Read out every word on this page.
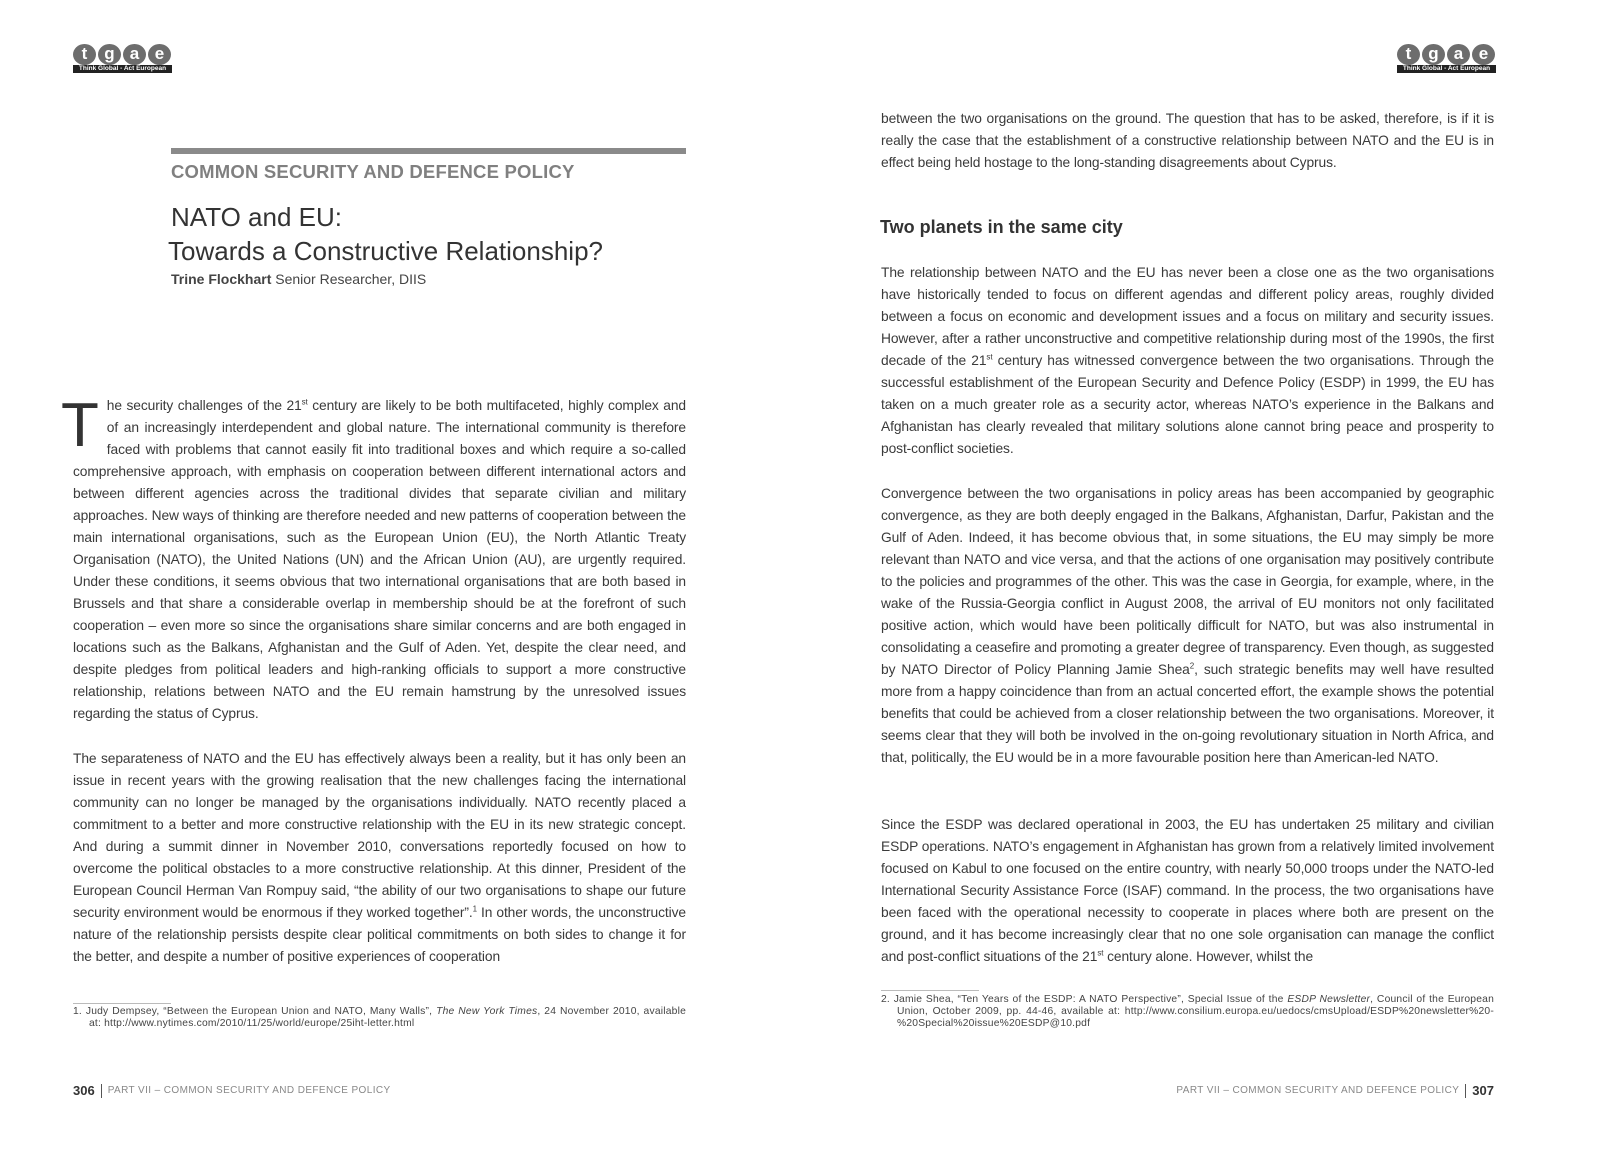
t g a e
Think Global - Act European
COMMON SECURITY AND DEFENCE POLICY
NATO and EU:
Towards a Constructive Relationship?
Trine Flockhart Senior Researcher, DIIS
The security challenges of the 21st century are likely to be both multifaceted, highly complex and of an increasingly interdependent and global nature. The international community is therefore faced with problems that cannot easily fit into traditional boxes and which require a so-called comprehensive approach, with emphasis on cooperation between different international actors and between different agencies across the traditional divides that separate civilian and military approaches. New ways of thinking are therefore needed and new patterns of cooperation between the main international organisations, such as the European Union (EU), the North Atlantic Treaty Organisation (NATO), the United Nations (UN) and the African Union (AU), are urgently required. Under these conditions, it seems obvious that two international organisations that are both based in Brussels and that share a considerable overlap in membership should be at the forefront of such cooperation – even more so since the organisations share similar concerns and are both engaged in locations such as the Balkans, Afghanistan and the Gulf of Aden. Yet, despite the clear need, and despite pledges from political leaders and high-ranking officials to support a more constructive relationship, relations between NATO and the EU remain hamstrung by the unresolved issues regarding the status of Cyprus.
The separateness of NATO and the EU has effectively always been a reality, but it has only been an issue in recent years with the growing realisation that the new challenges facing the international community can no longer be managed by the organisations individually. NATO recently placed a commitment to a better and more constructive relationship with the EU in its new strategic concept. And during a summit dinner in November 2010, conversations reportedly focused on how to overcome the political obstacles to a more constructive relationship. At this dinner, President of the European Council Herman Van Rompuy said, “the ability of our two organisations to shape our future security environment would be enormous if they worked together”.$^1$ In other words, the unconstructive nature of the relationship persists despite clear political commitments on both sides to change it for the better, and despite a number of positive experiences of cooperation
1. Judy Dempsey, “Between the European Union and NATO, Many Walls”, The New York Times, 24 November 2010, available at: http://www.nytimes.com/2010/11/25/world/europe/25iht-letter.html
306 PART VII – COMMON SECURITY AND DEFENCE POLICY
t g a e
Think Global - Act European
between the two organisations on the ground. The question that has to be asked, therefore, is if it is really the case that the establishment of a constructive relationship between NATO and the EU is in effect being held hostage to the long-standing disagreements about Cyprus.
Two planets in the same city
The relationship between NATO and the EU has never been a close one as the two organisations have historically tended to focus on different agendas and different policy areas, roughly divided between a focus on economic and development issues and a focus on military and security issues. However, after a rather unconstructive and competitive relationship during most of the 1990s, the first decade of the 21st century has witnessed convergence between the two organisations. Through the successful establishment of the European Security and Defence Policy (ESDP) in 1999, the EU has taken on a much greater role as a security actor, whereas NATO’s experience in the Balkans and Afghanistan has clearly revealed that military solutions alone cannot bring peace and prosperity to post-conflict societies.
Convergence between the two organisations in policy areas has been accompanied by geographic convergence, as they are both deeply engaged in the Balkans, Afghanistan, Darfur, Pakistan and the Gulf of Aden. Indeed, it has become obvious that, in some situations, the EU may simply be more relevant than NATO and vice versa, and that the actions of one organisation may positively contribute to the policies and programmes of the other. This was the case in Georgia, for example, where, in the wake of the Russia-Georgia conflict in August 2008, the arrival of EU monitors not only facilitated positive action, which would have been politically difficult for NATO, but was also instrumental in consolidating a ceasefire and promoting a greater degree of transparency. Even though, as suggested by NATO Director of Policy Planning Jamie Shea$^2$, such strategic benefits may well have resulted more from a happy coincidence than from an actual concerted effort, the example shows the potential benefits that could be achieved from a closer relationship between the two organisations. Moreover, it seems clear that they will both be involved in the on-going revolutionary situation in North Africa, and that, politically, the EU would be in a more favourable position here than American-led NATO.
Since the ESDP was declared operational in 2003, the EU has undertaken 25 military and civilian ESDP operations. NATO’s engagement in Afghanistan has grown from a relatively limited involvement focused on Kabul to one focused on the entire country, with nearly 50,000 troops under the NATO-led International Security Assistance Force (ISAF) command. In the process, the two organisations have been faced with the operational necessity to cooperate in places where both are present on the ground, and it has become increasingly clear that no one sole organisation can manage the conflict and post-conflict situations of the 21st century alone. However, whilst the
2. Jamie Shea, “Ten Years of the ESDP: A NATO Perspective”, Special Issue of the ESDP Newsletter, Council of the European Union, October 2009, pp. 44-46, available at: http://www.consilium.europa.eu/uedocs/cmsUpload/ESDP%20newsletter%20-%20Special%20issue%20ESDP@10.pdf
PART VII – COMMON SECURITY AND DEFENCE POLICY 307
